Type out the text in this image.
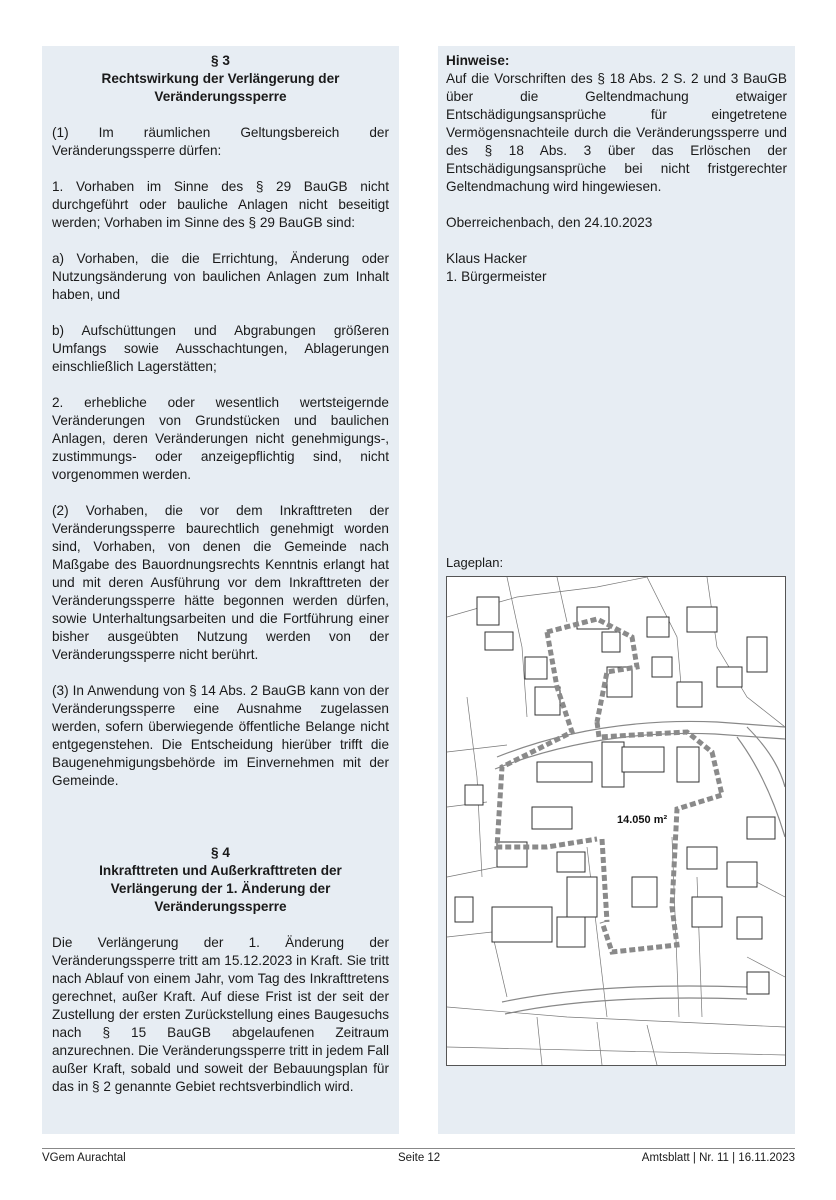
§ 3

Rechtswirkung der Verlängerung der

Veränderungssperre

(1) Im räumlichen Geltungsbereich der Veränderungssperre dürfen:

1. Vorhaben im Sinne des § 29 BauGB nicht durchgeführt oder bauliche Anlagen nicht beseitigt werden; Vorhaben im Sinne des § 29 BauGB sind:

a) Vorhaben, die die Errichtung, Änderung oder Nutzungsänderung von baulichen Anlagen zum Inhalt haben, und

b) Aufschüttungen und Abgrabungen größeren Umfangs sowie Ausschachtungen, Ablagerungen einschließlich Lagerstätten;

2. erhebliche oder wesentlich wertsteigernde Veränderungen von Grundstücken und baulichen Anlagen, deren Veränderungen nicht genehmigungs-, zustimmungs- oder anzeigepflichtig sind, nicht vorgenommen werden.

(2) Vorhaben, die vor dem Inkrafttreten der Veränderungssperre baurechtlich genehmigt worden sind, Vorhaben, von denen die Gemeinde nach Maßgabe des Bauordnungsrechts Kenntnis erlangt hat und mit deren Ausführung vor dem Inkrafttreten der Veränderungssperre hätte begonnen werden dürfen, sowie Unterhaltungsarbeiten und die Fortführung einer bisher ausgeübten Nutzung werden von der Veränderungssperre nicht berührt.

(3) In Anwendung von § 14 Abs. 2 BauGB kann von der Veränderungssperre eine Ausnahme zugelassen werden, sofern überwiegende öffentliche Belange nicht entgegenstehen. Die Entscheidung hierüber trifft die Baugenehmigungsbehörde im Einvernehmen mit der Gemeinde.

§ 4

Inkrafttreten und Außerkrafttreten der

Verlängerung der 1. Änderung der

Veränderungssperre

Die Verlängerung der 1. Änderung der Veränderungssperre tritt am 15.12.2023 in Kraft. Sie tritt nach Ablauf von einem Jahr, vom Tag des Inkrafttretens gerechnet, außer Kraft. Auf diese Frist ist der seit der Zustellung der ersten Zurückstellung eines Baugesuchs nach § 15 BauGB abgelaufenen Zeitraum anzurechnen. Die Veränderungssperre tritt in jedem Fall außer Kraft, sobald und soweit der Bebauungsplan für das in § 2 genannte Gebiet rechtsverbindlich wird.

Hinweise:

Auf die Vorschriften des § 18 Abs. 2 S. 2 und 3 BauGB über die Geltendmachung etwaiger Entschädigungsansprüche für eingetretene Vermögensnachteile durch die Veränderungssperre und des § 18 Abs. 3 über das Erlöschen der Entschädigungsansprüche bei nicht fristgerechter Geltendmachung wird hingewiesen.

Oberreichenbach, den 24.10.2023

Klaus Hacker

1. Bürgermeister

Lageplan:
14.050 m²
VGem Aurachtal	Seite 12	Amtsblatt | Nr. 11 | 16.11.2023
